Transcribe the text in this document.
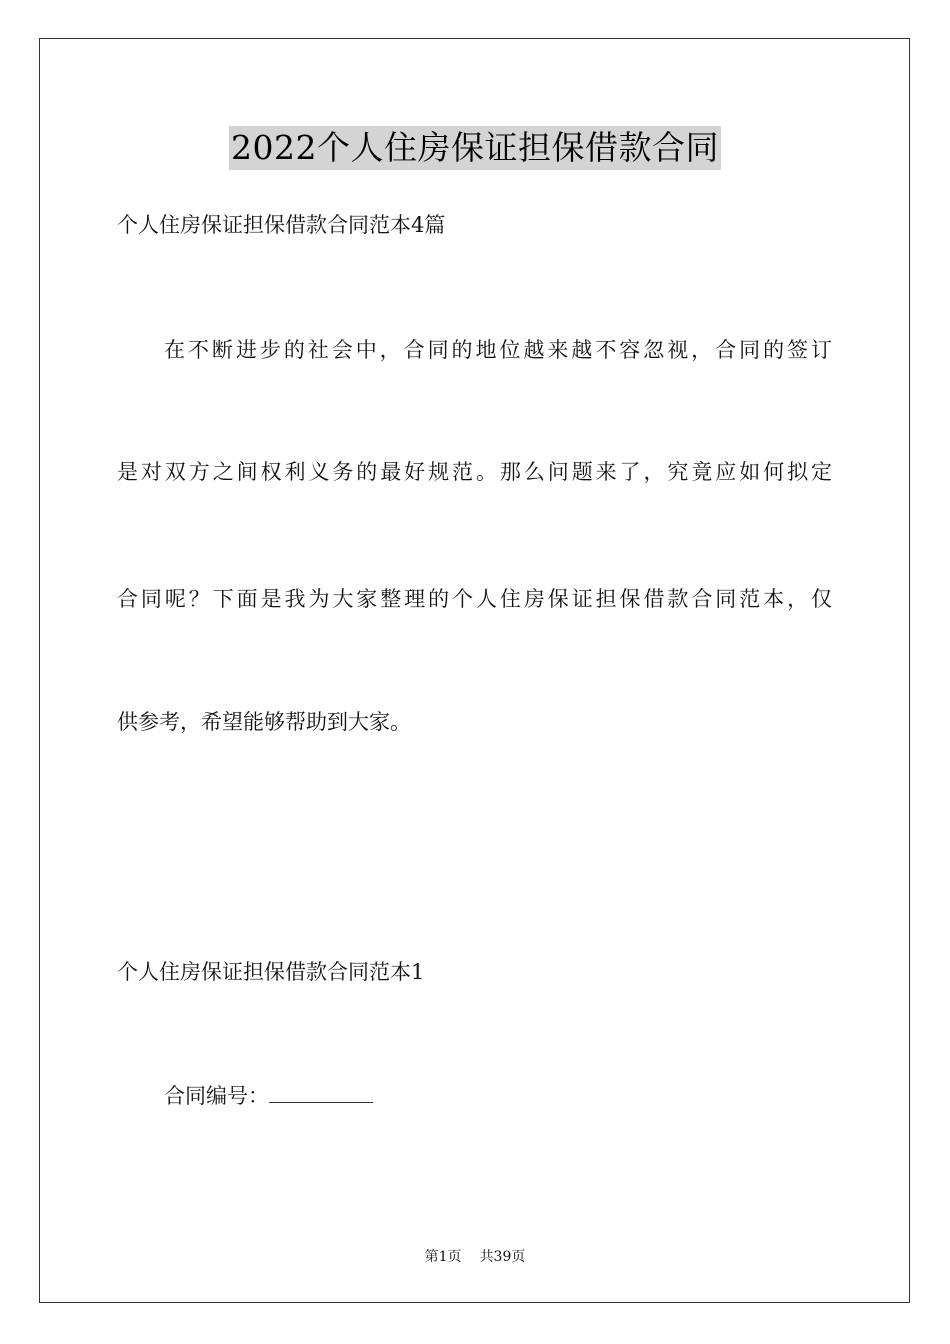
2022个人住房保证担保借款合同
个人住房保证担保借款合同范本4篇
在不断进步的社会中，合同的地位越来越不容忽视，合同的签订
是对双方之间权利义务的最好规范。那么问题来了，究竟应如何拟定
合同呢？下面是我为大家整理的个人住房保证担保借款合同范本，仅
供参考，希望能够帮助到大家。
个人住房保证担保借款合同范本1
合同编号：
第1页 共39页
